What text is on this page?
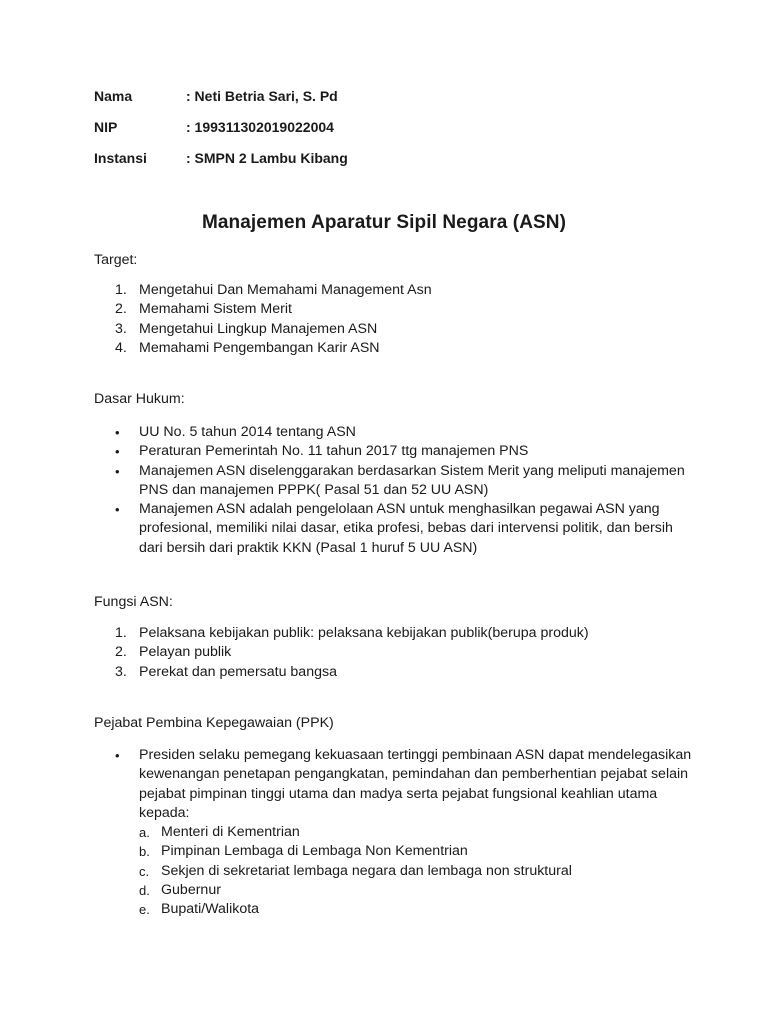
Nama	: Neti Betria Sari, S. Pd
NIP	: 199311302019022004
Instansi	: SMPN 2 Lambu Kibang
Manajemen Aparatur Sipil Negara (ASN)
Target:
1. Mengetahui Dan Memahami Management Asn
2. Memahami Sistem Merit
3. Mengetahui Lingkup Manajemen ASN
4. Memahami Pengembangan Karir ASN
Dasar Hukum:
• UU No. 5 tahun 2014 tentang ASN
• Peraturan Pemerintah No. 11 tahun 2017 ttg manajemen PNS
• Manajemen ASN diselenggarakan berdasarkan Sistem Merit yang meliputi manajemen PNS dan manajemen PPPK( Pasal 51 dan 52 UU ASN)
• Manajemen ASN adalah pengelolaan ASN untuk menghasilkan pegawai ASN yang profesional, memiliki nilai dasar, etika profesi, bebas dari intervensi politik, dan bersih dari bersih dari praktik KKN (Pasal 1 huruf 5 UU ASN)
Fungsi ASN:
1. Pelaksana kebijakan publik: pelaksana kebijakan publik(berupa produk)
2. Pelayan publik
3. Perekat dan pemersatu bangsa
Pejabat Pembina Kepegawaian (PPK)
• Presiden selaku pemegang kekuasaan tertinggi pembinaan ASN dapat mendelegasikan kewenangan penetapan pengangkatan, pemindahan dan pemberhentian pejabat selain pejabat pimpinan tinggi utama dan madya serta pejabat fungsional keahlian utama kepada:
a. Menteri di Kementrian
b. Pimpinan Lembaga di Lembaga Non Kementrian
c. Sekjen di sekretariat lembaga negara dan lembaga non struktural
d. Gubernur
e. Bupati/Walikota
